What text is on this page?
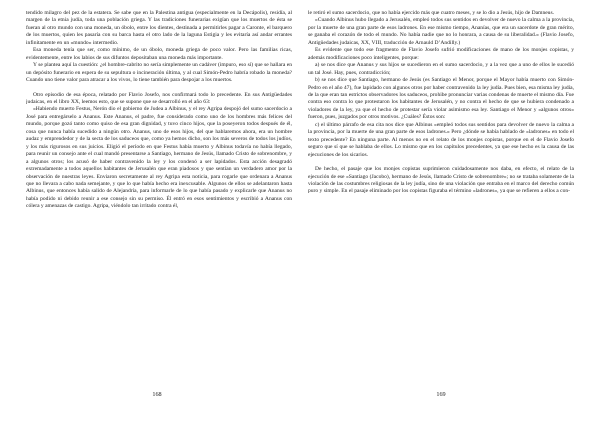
tendido milagro del pez de la estatera. Se sabe que en la Palestina antigua (especialmente en la Decápolis), residía, al margen de la etnia judía, toda una población griega. Y las tradiciones funerarias exigían que los muertos de ésta se fueran al otro mundo con una moneda, un óbolo, entre los dientes, destinada a permitirles pagar a Caronte, el barquero de los muertos, quien les pasaría con su barca hasta el otro lado de la laguna Estigia y les evitaría así andar errantes infinitamente en un «mundo» intermedio.

Esa moneda tenía que ser, como mínimo, de un óbolo, moneda griega de poco valor. Pero las familias ricas, evidentemente, entre los labios de sus difuntos depositaban una moneda más importante.

Y se plantea aquí la cuestión: ¿el hombre-cabrito no sería simplemente un cadáver (impuro, eso sí) que se hallara en un depósito funerario en espera de su sepultura o incineración última, y al cual Simón-Pedro habría robado la moneda? Cuando uno tiene valor para atracar a los vivos, lo tiene también para despojar a los muertos.

Otro episodio de esa época, relatado por Flavio Josefo, nos confirmará todo lo precedente. En sus Antigüedades judaicas, en el libro XX, leemos esto, que se supone que se desarrolló en el año 63:

«Habiendo muerto Festus, Nerón dio el gobierno de Judea a Albinus, y el rey Agripa despojó del sumo sacerdocio a José para entregárselo a Ananus. Este Ananus, el padre, fue considerado como uno de los hombres más felices del mundo, porque gozó tanto como quiso de esa gran dignidad, y tuvo cinco hijos, que la poseyeron todos después de él, cosa que nunca había sucedido a ningún otro. Ananus, uno de esos hijos, del que hablaremos ahora, era un hombre audaz y emprendedor y de la secta de los saduceos que, como ya hemos dicho, son los más severos de todos los judíos, y los más rigurosos en sus juicios. Eligió el período en que Festus había muerto y Albinus todavía no había llegado, para reunir un consejo ante el cual mandó presentarse a Santiago, hermano de Jesús, llamado Cristo de sobrenombre, y a algunos otros; los acusó de haber contravenido la ley y los condenó a ser lapidados. Esta acción desagradó extremadamente a todos aquellos habitantes de Jerusalén que eran piadosos y que sentían un verdadero amor por la observación de nuestras leyes. Enviaron secretamente al rey Agripa esta noticia, para rogarle que ordenara a Ananus que no llevara a cabo nada semejante, y que lo que había hecho era inexcusable. Algunos de ellos se adelantaron hasta Albinus, que entonces había salido de Alejandría, para informarle de lo que había pasado y explicarle que Ananus no había podido ni debido reunir a ese consejo sin su permiso. Él entró en esos sentimientos y escribió a Ananus con cólera y amenazas de castigo. Agripa, viéndolo tan irritado contra él,

168

le retiró el sumo sacerdocio, que no había ejercido más que cuatro meses, y se lo dio a Jesús, hijo de Damneus.

»Cuando Albinus hubo llegado a Jerusalén, empleó todos sus sentidos en devolver de nuevo la calma a la provincia, por la muerte de una gran parte de esos ladrones. En ese mismo tiempo, Ananías, que era un sacerdote de gran mérito, se ganaba el corazón de todo el mundo. No había nadie que no lo honrara, a causa de su liberalidad.» (Flavio Josefo, Antigüedades judaicas, XX, VIII, traducción de Arnauld D’Andilly.)

Es evidente que todo ese fragmento de Flavio Josefo sufrió modificaciones de mano de los monjes copistas, y además modificaciones poco inteligentes, porque:

a) se nos dice que Ananus y sus hijos se sucedieron en el sumo sacerdocio, y a la vez que a uno de ellos le sucedió un tal José. Hay, pues, contradicción;

b) se nos dice que Santiago, hermano de Jesús (es Santiago el Menor, porque el Mayor había muerto con Simón-Pedro en el año 47), fue lapidado con algunos otros por haber contravenido la ley judía. Pues bien, esa misma ley judía, de la que eran tan estrictos observadores los saduceos, prohibe pronunciar varias condenas de muerte el mismo día. Fue contra eso contra lo que protestaron los habitantes de Jerusalén, y no contra el hecho de que se hubiera condenado a violadores de la ley, ya que el hecho de protestar sería violar asimismo esa ley. Santiago el Menor y «algunos otros» fueron, pues, juzgados por otros motivos. ¿Cuáles? Éstos son:

c) el último párrafo de esa cita nos dice que Albinus «empleó todos sus sentidos para devolver de nuevo la calma a la provincia, por la muerte de una gran parte de esos ladrones.» Pero ¿dónde se había hablado de «ladrones» en todo el texto precedente? En ninguna parte. Al menos no en el relato de los monjes copistas, porque en el de Flavio Josefo seguro que sí que se hablaba de ellos. Lo mismo que en los capítulos precedentes, ya que ese hecho es la causa de las ejecuciones de los sicarios.

De hecho, el pasaje que los monjes copistas suprimieron cuidadosamente nos daba, en efecto, el relato de la ejecución de ese «Santiago (Jacobo), hermano de Jesús, llamado Cristo de sobrenombre»; no se trataba solamente de la violación de las costumbres religiosas de la ley judía, sino de una violación que entraba en el marco del derecho común puro y simple. En el pasaje eliminado por los copistas figuraba el término «ladrones», ya que se refieren a ellos a con-

169
